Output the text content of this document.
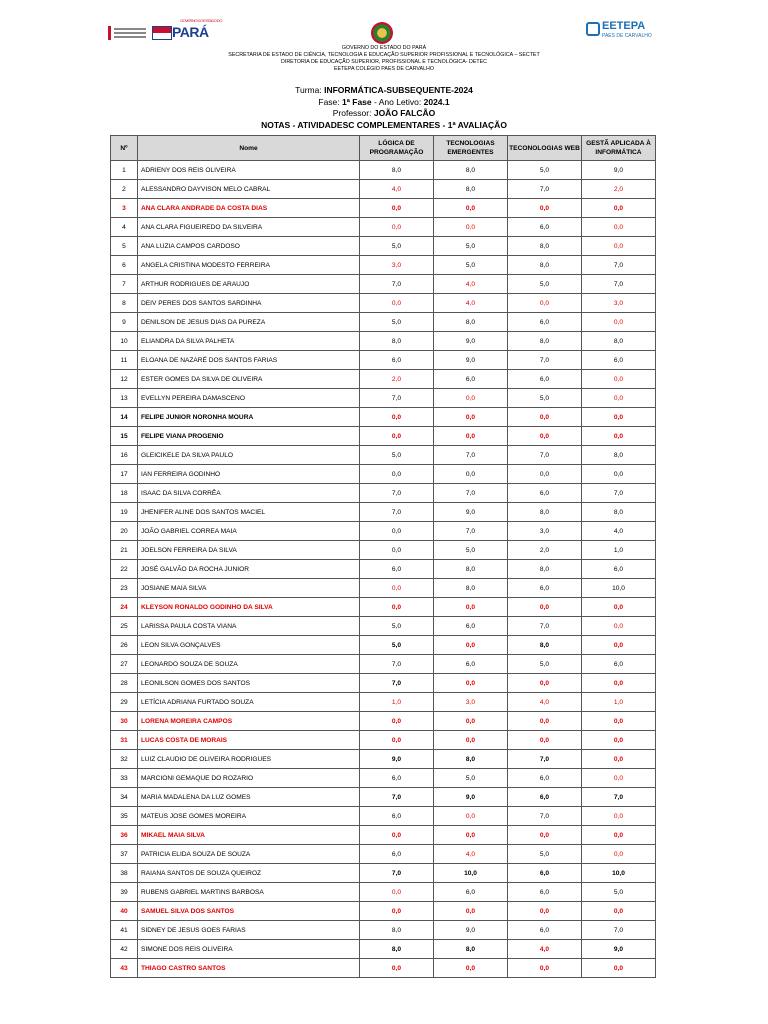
GOVERNO DO ESTADO DO
PARÁ	EETEPA
PAES DE CARVALHO
GOVERNO DO ESTADO DO PARÁ
SECRETARIA DE ESTADO DE CIÊNCIA, TECNOLOGIA E EDUCAÇÃO SUPERIOR PROFISSIONAL E TECNOLÓGICA – SECTET
DIRETORIA DE EDUCAÇÃO SUPERIOR, PROFISSIONAL E TECNOLÓGICA- DETEC
EETEPA COLÉGIO PAES DE CARVALHO
Turma: INFORMÁTICA-SUBSEQUENTE-2024
Fase: 1ª Fase - Ano Letivo: 2024.1
Professor: JOÃO FALCÃO
NOTAS - ATIVIDADESC COMPLEMENTARES - 1ª AVALIAÇÃO
Nº	Nome	LÓGICA DE PROGRAMAÇÃO	TECNOLOGIAS EMERGENTES	TECONOLOGIAS WEB	GESTÃ APLICADA À INFORMÁTICA
1	ADRIENY DOS REIS OLIVEIRA	8,0	8,0	5,0	9,0
2	ALESSANDRO DAYVISON MELO CABRAL	4,0	8,0	7,0	2,0
3	ANA CLARA ANDRADE DA COSTA DIAS	0,0	0,0	0,0	0,0
4	ANA CLARA FIGUEIREDO DA SILVEIRA	0,0	0,0	6,0	0,0
5	ANA LUZIA CAMPOS CARDOSO	5,0	5,0	8,0	0,0
6	ANGELA CRISTINA MODESTO FERREIRA	3,0	5,0	8,0	7,0
7	ARTHUR RODRIGUES DE ARAUJO	7,0	4,0	5,0	7,0
8	DEIV PERES DOS SANTOS SARDINHA	0,0	4,0	0,0	3,0
9	DENILSON DE JESUS DIAS DA PUREZA	5,0	8,0	6,0	0,0
10	ELIANDRA DA SILVA PALHETA	8,0	9,0	8,0	8,0
11	ELOANA DE NAZARÉ DOS SANTOS FARIAS	6,0	9,0	7,0	6,0
12	ESTER GOMES DA SILVA DE OLIVEIRA	2,0	6,0	6,0	0,0
13	EVELLYN PEREIRA DAMASCENO	7,0	0,0	5,0	0,0
14	FELIPE JUNIOR NORONHA MOURA	0,0	0,0	0,0	0,0
15	FELIPE VIANA PROGENIO	0,0	0,0	0,0	0,0
16	GLEICIKELE DA SILVA PAULO	5,0	7,0	7,0	8,0
17	IAN FERREIRA GODINHO	0,0	0,0	0,0	0,0
18	ISAAC DA SILVA CORRÊA	7,0	7,0	6,0	7,0
19	JHENIFER ALINE DOS SANTOS MACIEL	7,0	9,0	8,0	8,0
20	JOÃO GABRIEL CORREA MAIA	0,0	7,0	3,0	4,0
21	JOELSON FERREIRA DA SILVA	0,0	5,0	2,0	1,0
22	JOSÉ GALVÃO DA ROCHA JUNIOR	6,0	8,0	8,0	6,0
23	JOSIANE MAIA SILVA	0,0	8,0	6,0	10,0
24	KLEYSON RONALDO GODINHO DA SILVA	0,0	0,0	0,0	0,0
25	LARISSA PAULA COSTA VIANA	5,0	6,0	7,0	0,0
26	LEON SILVA GONÇALVES	5,0	0,0	8,0	0,0
27	LEONARDO SOUZA DE SOUZA	7,0	6,0	5,0	6,0
28	LEONILSON GOMES DOS SANTOS	7,0	0,0	0,0	0,0
29	LETÍCIA ADRIANA FURTADO SOUZA	1,0	3,0	4,0	1,0
30	LORENA MOREIRA CAMPOS	0,0	0,0	0,0	0,0
31	LUCAS COSTA DE MORAIS	0,0	0,0	0,0	0,0
32	LUIZ CLAUDIO DE OLIVEIRA RODRIGUES	9,0	8,0	7,0	0,0
33	MARCIONI GEMAQUE DO ROZARIO	6,0	5,0	6,0	0,0
34	MARIA MADALENA DA LUZ GOMES	7,0	9,0	6,0	7,0
35	MATEUS JOSE GOMES MOREIRA	6,0	0,0	7,0	0,0
36	MIKAEL MAIA SILVA	0,0	0,0	0,0	0,0
37	PATRICIA ELIDA SOUZA DE SOUZA	6,0	4,0	5,0	0,0
38	RAIANA SANTOS DE SOUZA QUEIROZ	7,0	10,0	6,0	10,0
39	RUBENS GABRIEL MARTINS BARBOSA	0,0	6,0	6,0	5,0
40	SAMUEL SILVA DOS SANTOS	0,0	0,0	0,0	0,0
41	SIDNEY DE JESUS GOES FARIAS	8,0	9,0	6,0	7,0
42	SIMONE DOS REIS OLIVEIRA	8,0	8,0	4,0	9,0
43	THIAGO CASTRO SANTOS	0,0	0,0	0,0	0,0
